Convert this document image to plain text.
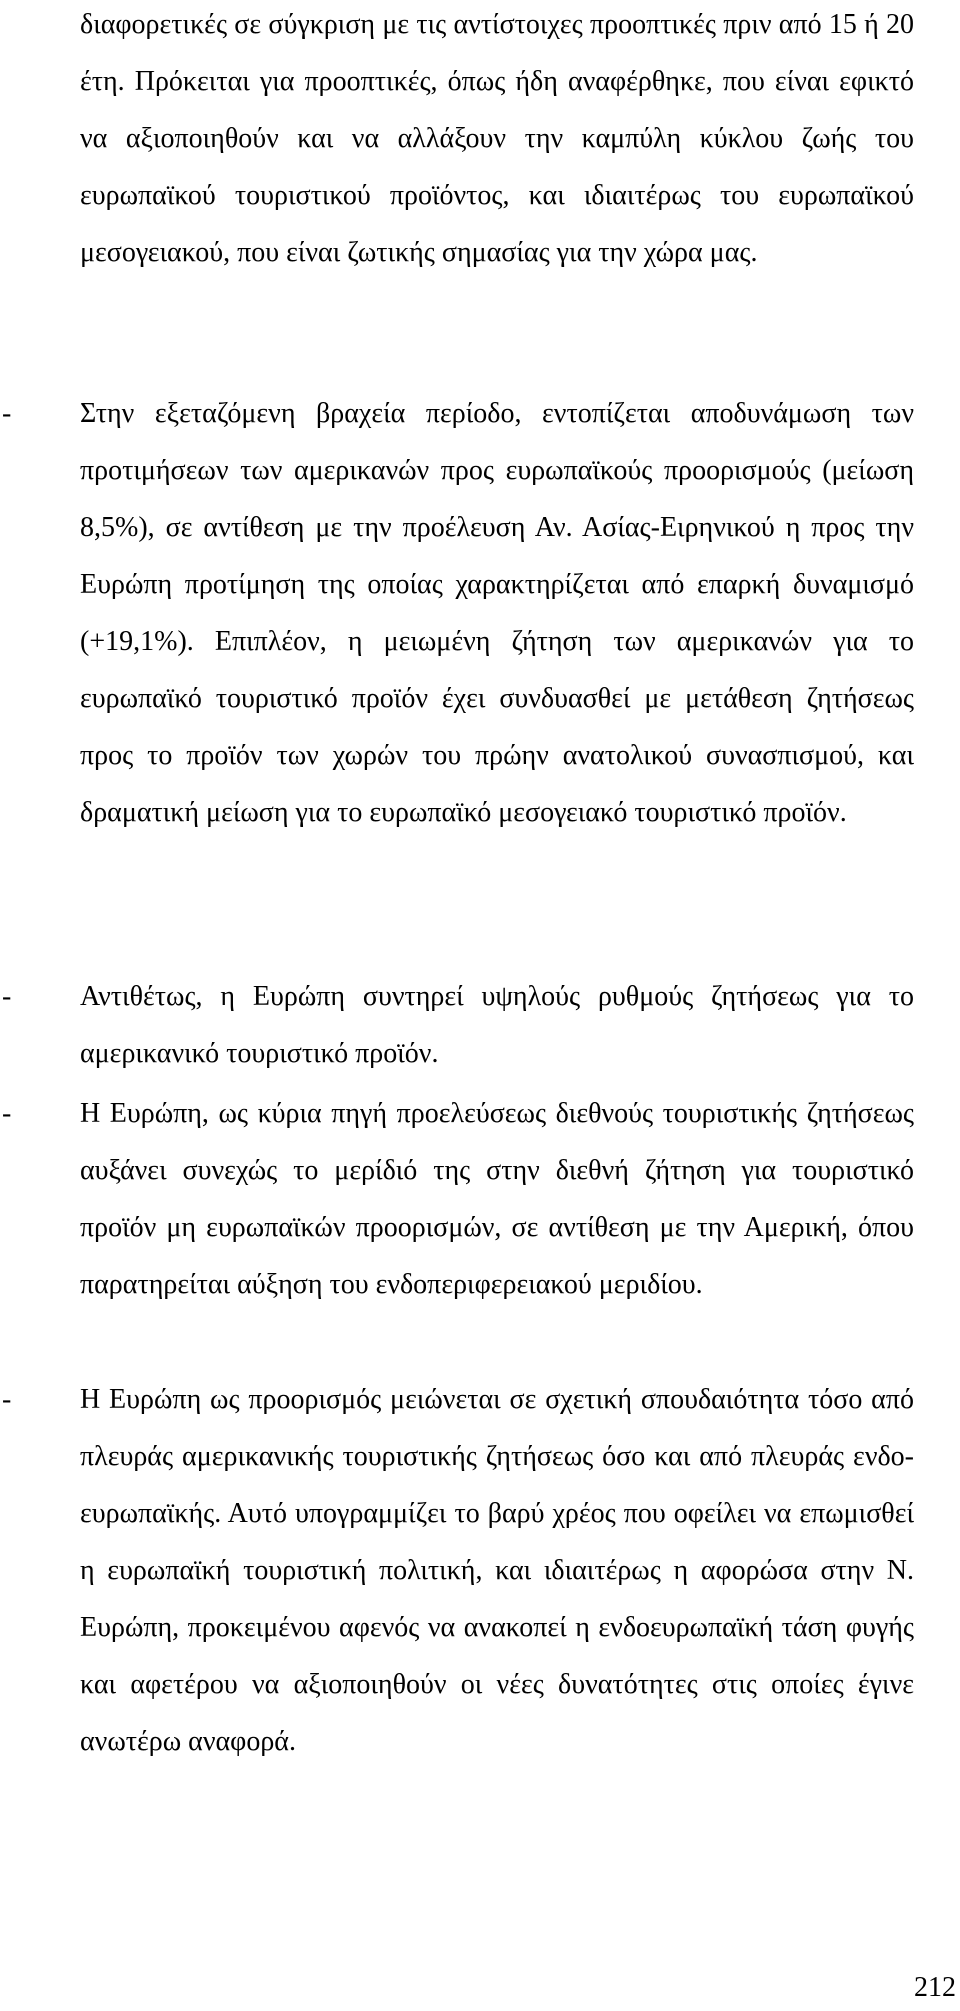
διαφορετικές σε σύγκριση με τις αντίστοιχες προοπτικές πριν από 15 ή 20 έτη. Πρόκειται για προοπτικές, όπως ήδη αναφέρθηκε, που είναι εφικτό να αξιοποιηθούν και να αλλάξουν την καμπύλη κύκλου ζωής του ευρωπαϊκού τουριστικού προϊόντος, και ιδιαιτέρως του ευρωπαϊκού μεσογειακού, που είναι ζωτικής σημασίας για την χώρα μας.
-	Στην εξεταζόμενη βραχεία περίοδο, εντοπίζεται αποδυνάμωση των προτιμήσεων των αμερικανών προς ευρωπαϊκούς προορισμούς (μείωση 8,5%), σε αντίθεση με την προέλευση Αν. Ασίας-Ειρηνικού η προς την Ευρώπη προτίμηση της οποίας χαρακτηρίζεται από επαρκή δυναμισμό (+19,1%). Επιπλέον, η μειωμένη ζήτηση των αμερικανών για το ευρωπαϊκό τουριστικό προϊόν έχει συνδυασθεί με μετάθεση ζητήσεως προς το προϊόν των χωρών του πρώην ανατολικού συνασπισμού, και δραματική μείωση για το ευρωπαϊκό μεσογειακό τουριστικό προϊόν.
-	Αντιθέτως, η Ευρώπη συντηρεί υψηλούς ρυθμούς ζητήσεως για το αμερικανικό τουριστικό προϊόν.
-	Η Ευρώπη, ως κύρια πηγή προελεύσεως διεθνούς τουριστικής ζητήσεως αυξάνει συνεχώς το μερίδιό της στην διεθνή ζήτηση για τουριστικό προϊόν μη ευρωπαϊκών προορισμών, σε αντίθεση με την Αμερική, όπου παρατηρείται αύξηση του ενδοπεριφερειακού μεριδίου.
-	Η Ευρώπη ως προορισμός μειώνεται σε σχετική σπουδαιότητα τόσο από πλευράς αμερικανικής τουριστικής ζητήσεως όσο και από πλευράς ενδο-ευρωπαϊκής. Αυτό υπογραμμίζει το βαρύ χρέος που οφείλει να επωμισθεί η ευρωπαϊκή τουριστική πολιτική, και ιδιαιτέρως η αφορώσα στην Ν. Ευρώπη, προκειμένου αφενός να ανακοπεί η ενδοευρωπαϊκή τάση φυγής και αφετέρου να αξιοποιηθούν οι νέες δυνατότητες στις οποίες έγινε ανωτέρω αναφορά.
212
